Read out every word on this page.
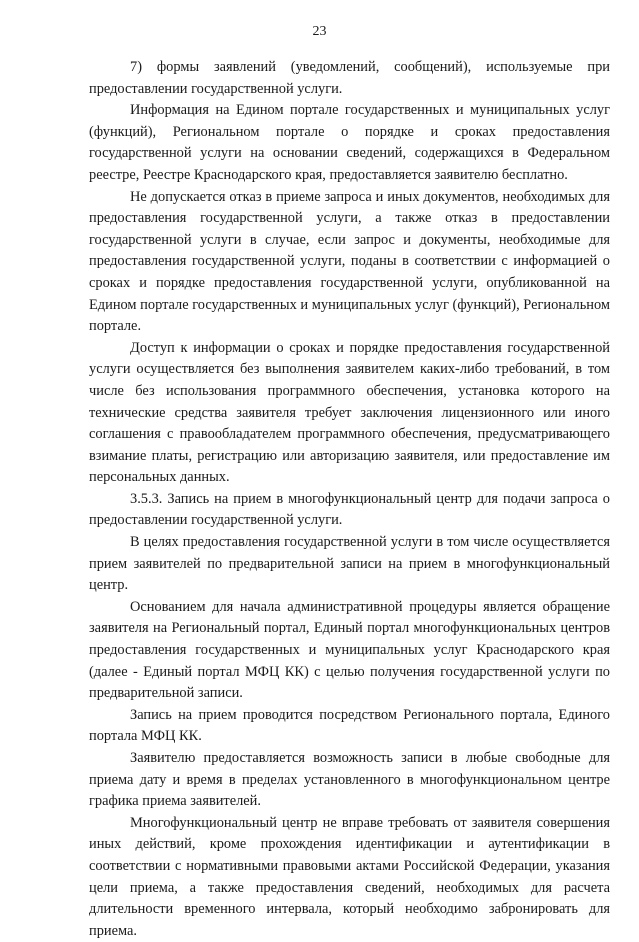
23

7) формы заявлений (уведомлений, сообщений), используемые при предоставлении государственной услуги.

Информация на Едином портале государственных и муниципальных услуг (функций), Региональном портале о порядке и сроках предоставления государственной услуги на основании сведений, содержащихся в Федеральном реестре, Реестре Краснодарского края, предоставляется заявителю бесплатно.

Не допускается отказ в приеме запроса и иных документов, необходимых для предоставления государственной услуги, а также отказ в предоставлении государственной услуги в случае, если запрос и документы, необходимые для предоставления государственной услуги, поданы в соответствии с информацией о сроках и порядке предоставления государственной услуги, опубликованной на Едином портале государственных и муниципальных услуг (функций), Региональном портале.

Доступ к информации о сроках и порядке предоставления государственной услуги осуществляется без выполнения заявителем каких-либо требований, в том числе без использования программного обеспечения, установка которого на технические средства заявителя требует заключения лицензионного или иного соглашения с правообладателем программного обеспечения, предусматривающего взимание платы, регистрацию или авторизацию заявителя, или предоставление им персональных данных.

3.5.3. Запись на прием в многофункциональный центр для подачи запроса о предоставлении государственной услуги.

В целях предоставления государственной услуги в том числе осуществляется прием заявителей по предварительной записи на прием в многофункциональный центр.

Основанием для начала административной процедуры является обращение заявителя на Региональный портал, Единый портал многофункциональных центров предоставления государственных и муниципальных услуг Краснодарского края (далее - Единый портал МФЦ КК) с целью получения государственной услуги по предварительной записи.

Запись на прием проводится посредством Регионального портала, Единого портала МФЦ КК.

Заявителю предоставляется возможность записи в любые свободные для приема дату и время в пределах установленного в многофункциональном центре графика приема заявителей.

Многофункциональный центр не вправе требовать от заявителя совершения иных действий, кроме прохождения идентификации и аутентификации в соответствии с нормативными правовыми актами Российской Федерации, указания цели приема, а также предоставления сведений, необходимых для расчета длительности временного интервала, который необходимо забронировать для приема.
